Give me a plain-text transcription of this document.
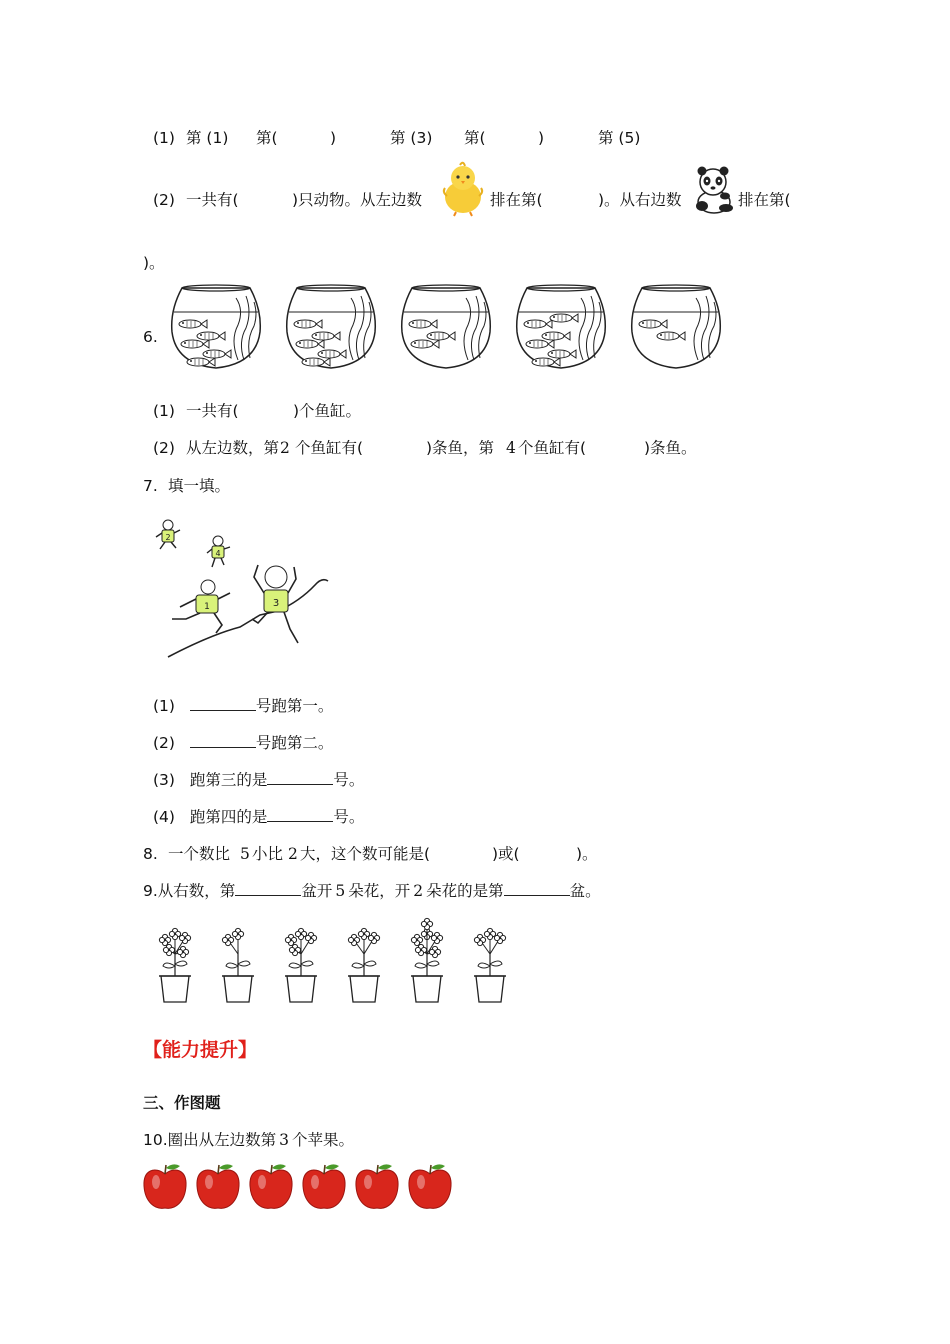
(1) 第 (1) 第(	)	第 (3) 第(	)	第 (5)
(2) 一共有(	)只动物。从左边数	排在第(	)。从右边数	排在第(
)。
6.
(1) 一共有(	)个鱼缸。
(2) 从左边数，第 2 个鱼缸有(	)条鱼，第 4 个鱼缸有(	)条鱼。
7. 填一填。
2
4
1	3
(1)	号跑第一。
(2)	号跑第二。
(3) 跑第三的是	号。
(4) 跑第四的是	号。
8. 一个数比 5 小比 2 大，这个数可能是(	)或(	)。
9.从右数，第	盆开 5 朵花，开 2 朵花的是第	盆。
【能力提升】
三、作图题
10.圈出从左边数第 3 个苹果。
